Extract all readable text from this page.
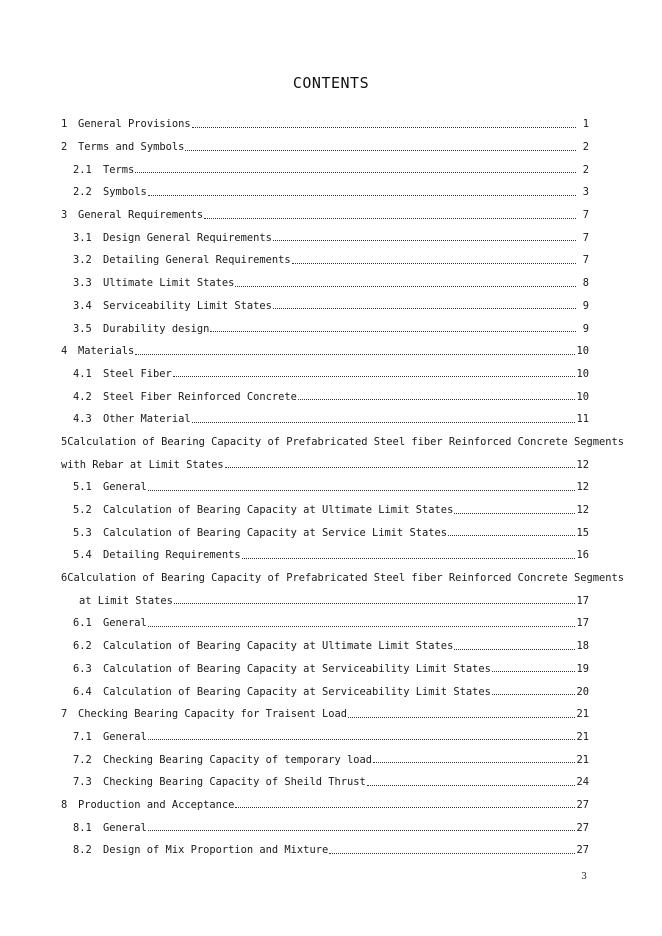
CONTENTS
1	General Provisions	1
2	Terms and Symbols	2
2.1	Terms	2
2.2	Symbols	3
3	General Requirements	7
3.1	Design General Requirements	7
3.2	Detailing General Requirements	7
3.3	Ultimate Limit States	8
3.4	Serviceability Limit States	9
3.5	Durability design	9
4	Materials	10
4.1	Steel Fiber	10
4.2	Steel Fiber Reinforced Concrete	10
4.3	Other Material	11
5 Calculation of Bearing Capacity of Prefabricated Steel fiber Reinforced Concrete Segments
with Rebar at Limit States	12
5.1	General	12
5.2	Calculation of Bearing Capacity at Ultimate Limit States	12
5.3	Calculation of Bearing Capacity at Service Limit States	15
5.4	Detailing Requirements	16
6 Calculation of Bearing Capacity of Prefabricated Steel fiber Reinforced Concrete Segments
at Limit States	17
6.1	General	17
6.2	Calculation of Bearing Capacity at Ultimate Limit States	18
6.3	Calculation of Bearing Capacity at Serviceability Limit States	19
6.4	Calculation of Bearing Capacity at Serviceability Limit States	20
7	Checking Bearing Capacity for Traisent Load	21
7.1	General	21
7.2	Checking Bearing Capacity of temporary load	21
7.3	Checking Bearing Capacity of Sheild Thrust	24
8	Production and Acceptance	27
8.1	General	27
8.2	Design of Mix Proportion and Mixture	27
3
